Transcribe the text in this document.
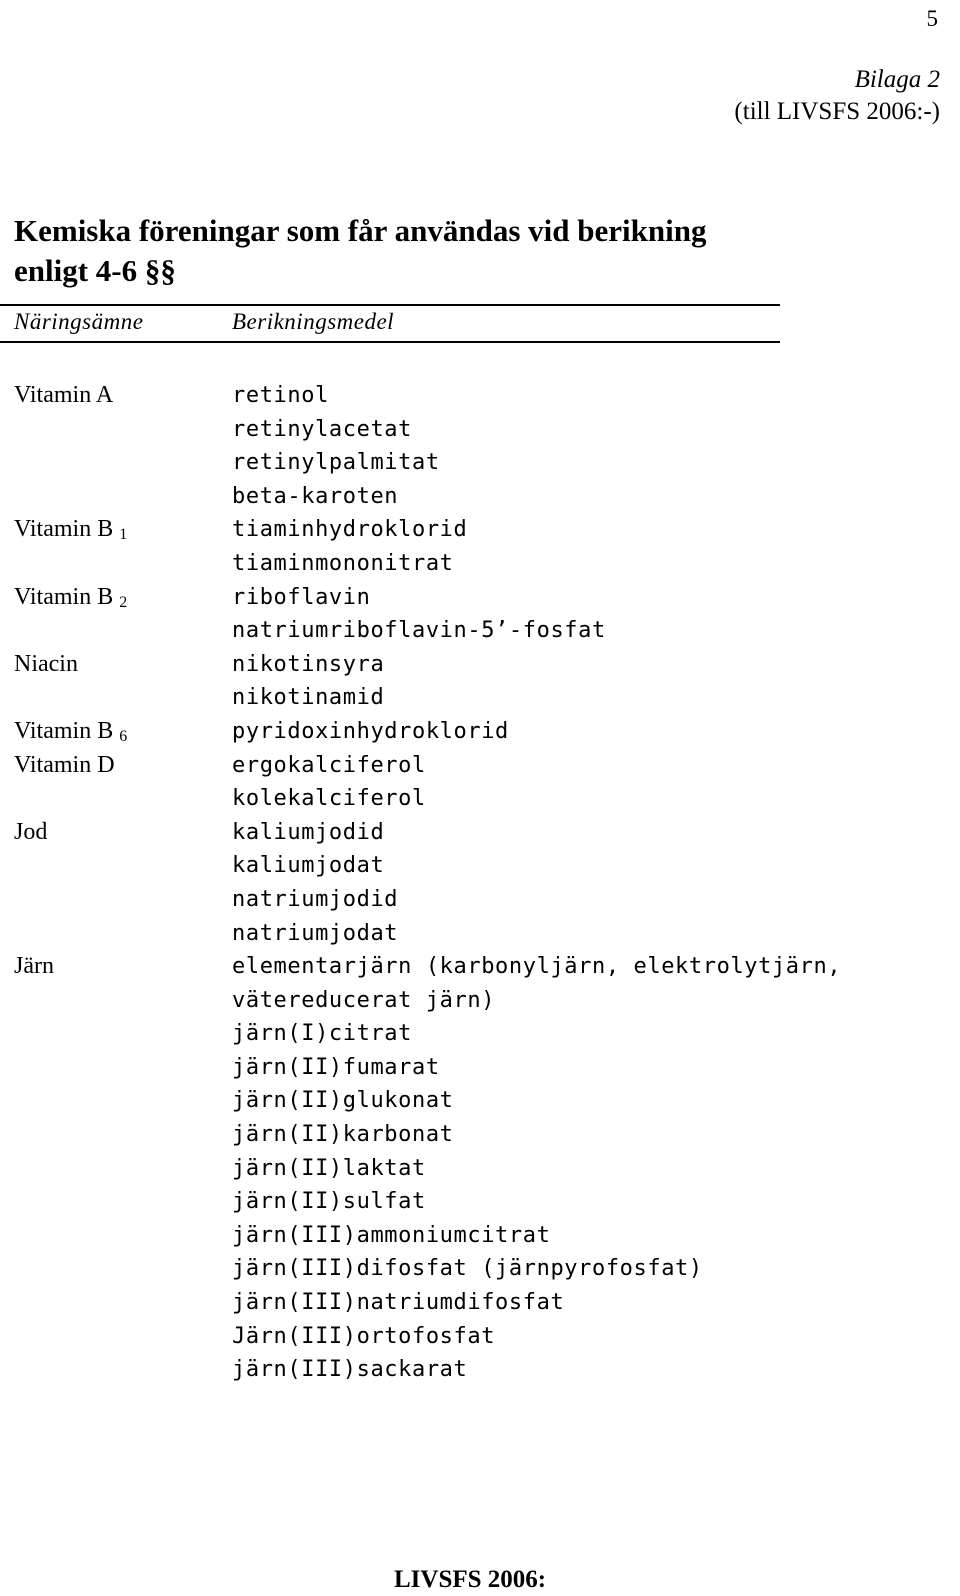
5
Bilaga 2
(till LIVSFS 2006:-)
Kemiska föreningar som får användas vid berikning
enligt 4-6 §§
Näringsämne	Berikningsmedel
Vitamin A	retinol
retinylacetat
retinylpalmitat
beta-karoten
Vitamin B $_1$	tiaminhydroklorid
tiaminmononitrat
Vitamin B $_2$	riboflavin
natriumriboflavin-5’-fosfat
Niacin	nikotinsyra
nikotinamid
Vitamin B $_6$	pyridoxinhydroklorid
Vitamin D	ergokalciferol
kolekalciferol
Jod	kaliumjodid
kaliumjodat
natriumjodid
natriumjodat
Järn	elementarjärn (karbonyljärn, elektrolytjärn,
vätereducerat järn)
järn(I)citrat
järn(II)fumarat
järn(II)glukonat
järn(II)karbonat
järn(II)laktat
järn(II)sulfat
järn(III)ammoniumcitrat
järn(III)difosfat (järnpyrofosfat)
järn(III)natriumdifosfat
Järn(III)ortofosfat
järn(III)sackarat
LIVSFS 2006:
